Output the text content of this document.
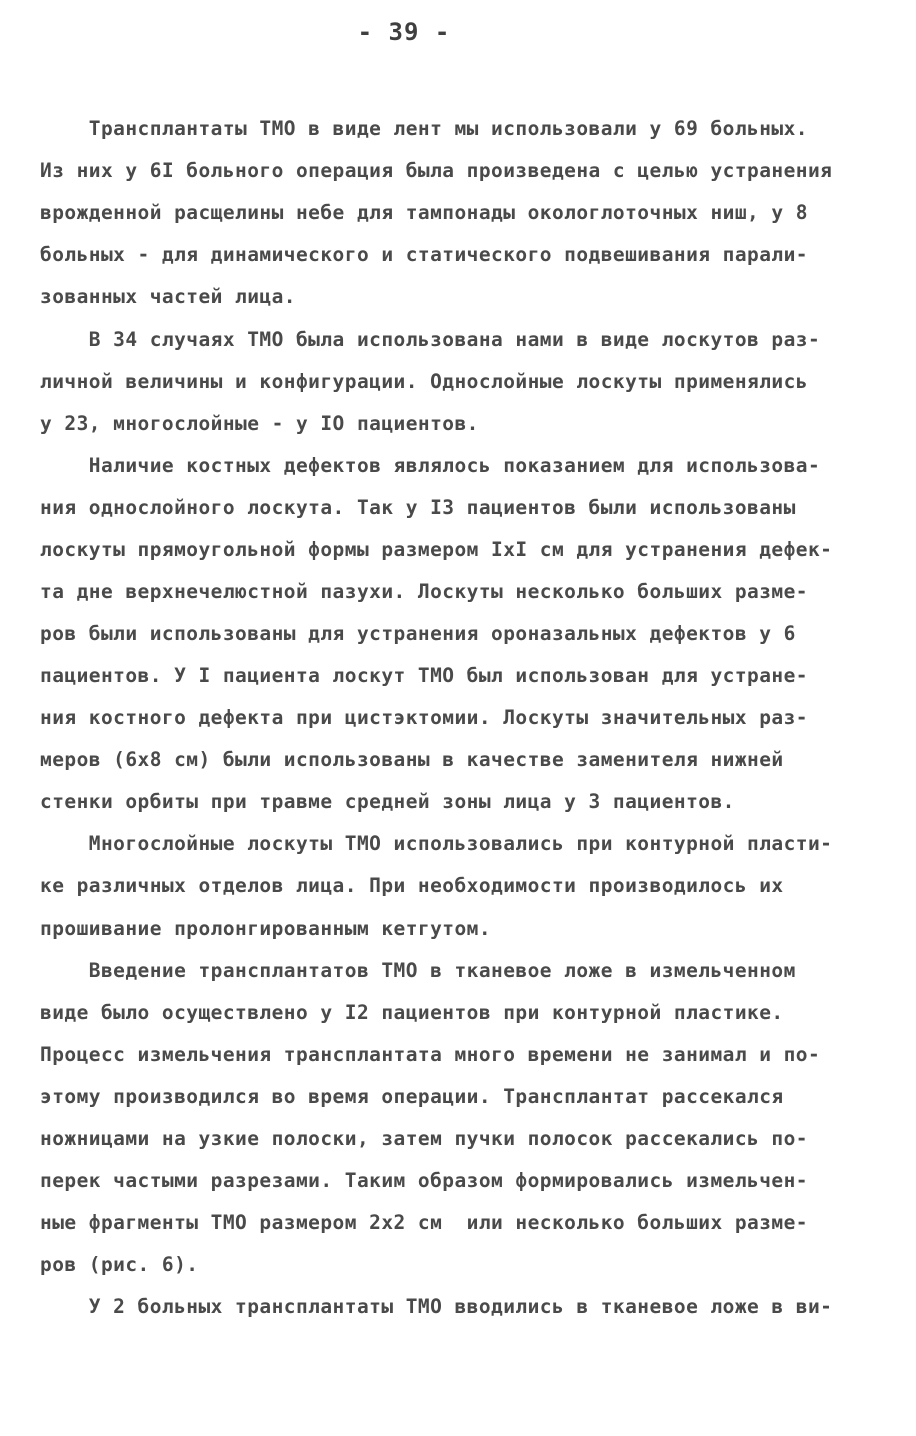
- 39 -
Трансплантаты ТМО в виде лент мы использовали у 69 больных.
Из них у 6I больного операция была произведена с целью устранения
врожденной расщелины небе для тампонады окологлоточных ниш, у 8
больных - для динамического и статического подвешивания парали-
зованных частей лица.
В 34 случаях ТМО была использована нами в виде лоскутов раз-
личной величины и конфигурации. Однослойные лоскуты применялись
у 23, многослойные - у IO пациентов.
Наличие костных дефектов являлось показанием для использова-
ния однослойного лоскута. Так у I3 пациентов были использованы
лоскуты прямоугольной формы размером IхI см для устранения дефек-
та дне верхнечелюстной пазухи. Лоскуты несколько больших разме-
ров были использованы для устранения ороназальных дефектов у 6
пациентов. У I пациента лоскут ТМО был использован для устране-
ния костного дефекта при цистэктомии. Лоскуты значительных раз-
меров (6х8 см) были использованы в качестве заменителя нижней
стенки орбиты при травме средней зоны лица у 3 пациентов.
Многослойные лоскуты ТМО использовались при контурной пласти-
ке различных отделов лица. При необходимости производилось их
прошивание пролонгированным кетгутом.
Введение трансплантатов ТМО в тканевое ложе в измельченном
виде было осуществлено у I2 пациентов при контурной пластике.
Процесс измельчения трансплантата много времени не занимал и по-
этому производился во время операции. Трансплантат рассекался
ножницами на узкие полоски, затем пучки полосок рассекались по-
перек частыми разрезами. Таким образом формировались измельчен-
ные фрагменты ТМО размером 2х2 см  или несколько больших разме-
ров (рис. 6).
У 2 больных трансплантаты ТМО вводились в тканевое ложе в ви-
